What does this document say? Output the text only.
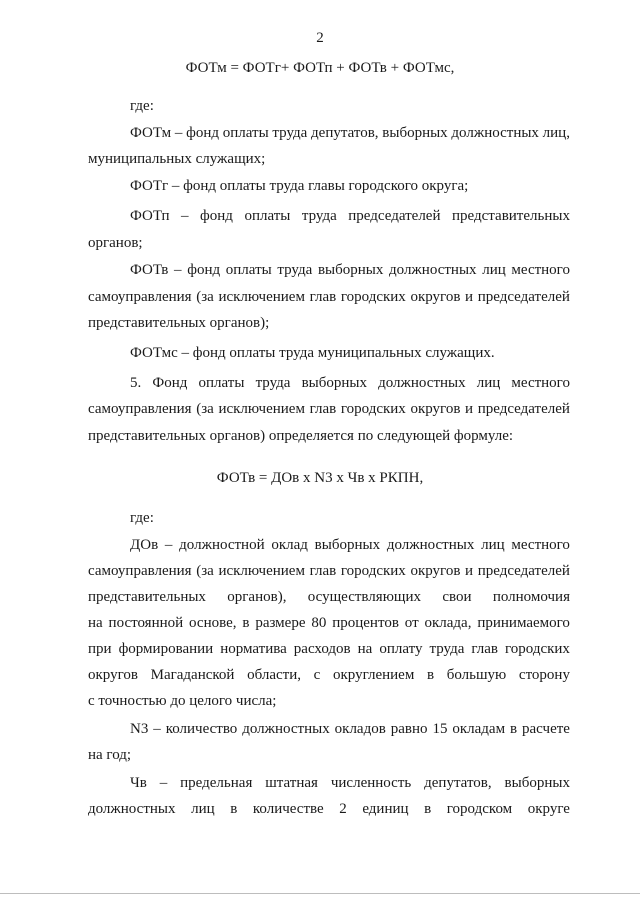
2
ФОТм = ФОТг+ ФОТп + ФОТв + ФОТмс,
где:
ФОТм – фонд оплаты труда депутатов, выборных должностных лиц,
муниципальных служащих;
ФОТг – фонд оплаты труда главы городского округа;
ФОТп – фонд оплаты труда председателей представительных
органов;
ФОТв – фонд оплаты труда выборных должностных лиц местного
самоуправления (за исключением глав городских округов и председателей
представительных органов);
ФОТмс – фонд оплаты труда муниципальных служащих.
5. Фонд оплаты труда выборных должностных лиц местного
самоуправления (за исключением глав городских округов и председателей
представительных органов) определяется по следующей формуле:
ФОТв = ДОв x N3 x Чв x РКПН,
где:
ДОв – должностной оклад выборных должностных лиц местного
самоуправления (за исключением глав городских округов и председателей
представительных органов), осуществляющих свои полномочия
на постоянной основе, в размере 80 процентов от оклада, принимаемого
при формировании норматива расходов на оплату труда глав городских
округов Магаданской области, с округлением в большую сторону
с точностью до целого числа;
N3 – количество должностных окладов равно 15 окладам в расчете
на год;
Чв – предельная штатная численность депутатов, выборных
должностных лиц в количестве 2 единиц в городском округе
